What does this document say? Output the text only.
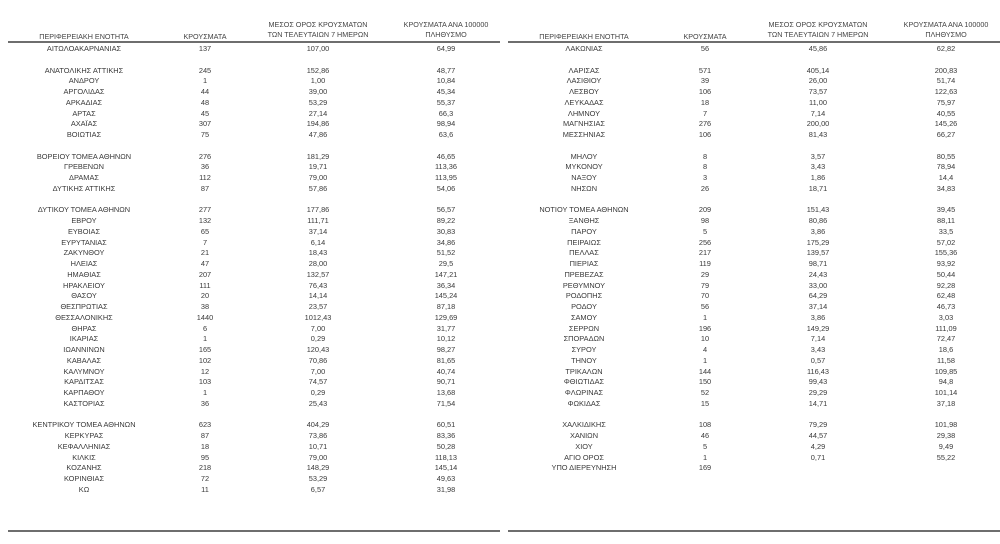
ΠΕΡΙΦΕΡΕΙΑΚΗ ΕΝΟΤΗΤΑ	ΚΡΟΥΣΜΑΤΑ
ΜΕΣΟΣ ΟΡΟΣ ΚΡΟΥΣΜΑΤΩΝ
ΤΩΝ ΤΕΛΕΥΤΑΙΩΝ 7 ΗΜΕΡΩΝ
ΚΡΟΥΣΜΑΤΑ ΑΝΑ 100000
ΠΛΗΘΥΣΜΟ
ΑΙΤΩΛΟΑΚΑΡΝΑΝΙΑΣ	137	107,00	64,99
ΑΝΑΤΟΛΙΚΗΣ ΑΤΤΙΚΗΣ	245	152,86	48,77
ΑΝΔΡΟΥ	1	1,00	10,84
ΑΡΓΟΛΙΔΑΣ	44	39,00	45,34
ΑΡΚΑΔΙΑΣ	48	53,29	55,37
ΑΡΤΑΣ	45	27,14	66,3
ΑΧΑΪΑΣ	307	194,86	98,94
ΒΟΙΩΤΙΑΣ	75	47,86	63,6
ΒΟΡΕΙΟΥ ΤΟΜΕΑ ΑΘΗΝΩΝ	276	181,29	46,65
ΓΡΕΒΕΝΩΝ	36	19,71	113,36
ΔΡΑΜΑΣ	112	79,00	113,95
ΔΥΤΙΚΗΣ ΑΤΤΙΚΗΣ	87	57,86	54,06
ΔΥΤΙΚΟΥ ΤΟΜΕΑ ΑΘΗΝΩΝ	277	177,86	56,57
ΕΒΡΟΥ	132	111,71	89,22
ΕΥΒΟΙΑΣ	65	37,14	30,83
ΕΥΡΥΤΑΝΙΑΣ	7	6,14	34,86
ΖΑΚΥΝΘΟΥ	21	18,43	51,52
ΗΛΕΙΑΣ	47	28,00	29,5
ΗΜΑΘΙΑΣ	207	132,57	147,21
ΗΡΑΚΛΕΙΟΥ	111	76,43	36,34
ΘΑΣΟΥ	20	14,14	145,24
ΘΕΣΠΡΩΤΙΑΣ	38	23,57	87,18
ΘΕΣΣΑΛΟΝΙΚΗΣ	1440	1012,43	129,69
ΘΗΡΑΣ	6	7,00	31,77
ΙΚΑΡΙΑΣ	1	0,29	10,12
ΙΩΑΝΝΙΝΩΝ	165	120,43	98,27
ΚΑΒΑΛΑΣ	102	70,86	81,65
ΚΑΛΥΜΝΟΥ	12	7,00	40,74
ΚΑΡΔΙΤΣΑΣ	103	74,57	90,71
ΚΑΡΠΑΘΟΥ	1	0,29	13,68
ΚΑΣΤΟΡΙΑΣ	36	25,43	71,54
ΚΕΝΤΡΙΚΟΥ ΤΟΜΕΑ ΑΘΗΝΩΝ	623	404,29	60,51
ΚΕΡΚΥΡΑΣ	87	73,86	83,36
ΚΕΦΑΛΛΗΝΙΑΣ	18	10,71	50,28
ΚΙΛΚΙΣ	95	79,00	118,13
ΚΟΖΑΝΗΣ	218	148,29	145,14
ΚΟΡΙΝΘΙΑΣ	72	53,29	49,63
ΚΩ	11	6,57	31,98
ΠΕΡΙΦΕΡΕΙΑΚΗ ΕΝΟΤΗΤΑ	ΚΡΟΥΣΜΑΤΑ
ΜΕΣΟΣ ΟΡΟΣ ΚΡΟΥΣΜΑΤΩΝ
ΤΩΝ ΤΕΛΕΥΤΑΙΩΝ 7 ΗΜΕΡΩΝ
ΚΡΟΥΣΜΑΤΑ ΑΝΑ 100000
ΠΛΗΘΥΣΜΟ
ΛΑΚΩΝΙΑΣ	56	45,86	62,82
ΛΑΡΙΣΑΣ	571	405,14	200,83
ΛΑΣΙΘΙΟΥ	39	26,00	51,74
ΛΕΣΒΟΥ	106	73,57	122,63
ΛΕΥΚΑΔΑΣ	18	11,00	75,97
ΛΗΜΝΟΥ	7	7,14	40,55
ΜΑΓΝΗΣΙΑΣ	276	200,00	145,26
ΜΕΣΣΗΝΙΑΣ	106	81,43	66,27
ΜΗΛΟΥ	8	3,57	80,55
ΜΥΚΟΝΟΥ	8	3,43	78,94
ΝΑΞΟΥ	3	1,86	14,4
ΝΗΣΩΝ	26	18,71	34,83
ΝΟΤΙΟΥ ΤΟΜΕΑ ΑΘΗΝΩΝ	209	151,43	39,45
ΞΑΝΘΗΣ	98	80,86	88,11
ΠΑΡΟΥ	5	3,86	33,5
ΠΕΙΡΑΙΩΣ	256	175,29	57,02
ΠΕΛΛΑΣ	217	139,57	155,36
ΠΙΕΡΙΑΣ	119	98,71	93,92
ΠΡΕΒΕΖΑΣ	29	24,43	50,44
ΡΕΘΥΜΝΟΥ	79	33,00	92,28
ΡΟΔΟΠΗΣ	70	64,29	62,48
ΡΟΔΟΥ	56	37,14	46,73
ΣΑΜΟΥ	1	3,86	3,03
ΣΕΡΡΩΝ	196	149,29	111,09
ΣΠΟΡΑΔΩΝ	10	7,14	72,47
ΣΥΡΟΥ	4	3,43	18,6
ΤΗΝΟΥ	1	0,57	11,58
ΤΡΙΚΑΛΩΝ	144	116,43	109,85
ΦΘΙΩΤΙΔΑΣ	150	99,43	94,8
ΦΛΩΡΙΝΑΣ	52	29,29	101,14
ΦΩΚΙΔΑΣ	15	14,71	37,18
ΧΑΛΚΙΔΙΚΗΣ	108	79,29	101,98
ΧΑΝΙΩΝ	46	44,57	29,38
ΧΙΟΥ	5	4,29	9,49
ΑΓΙΟ ΟΡΟΣ	1	0,71	55,22
ΥΠΟ ΔΙΕΡΕΥΝΗΣΗ	169
